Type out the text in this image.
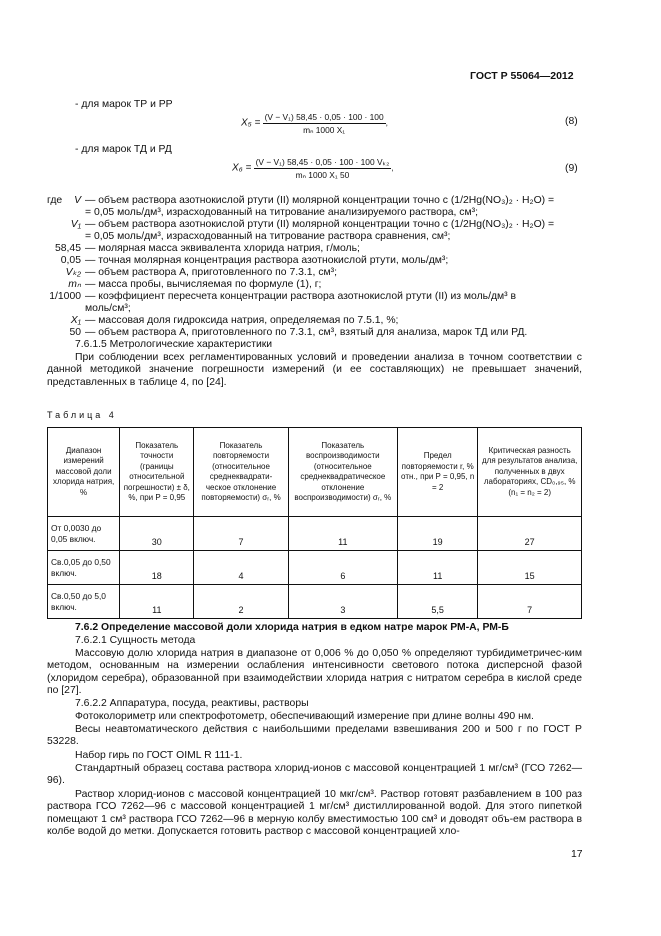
ГОСТ Р 55064—2012
- для марок ТР и РР
$X_5 = \frac{\text{(V − V₁) 58,45 · 0,05 · 100 · 100}}{\text{mₙ 1000 X₁}}$ ,	(8)
- для марок ТД и РД
$X_6 = \frac{\text{(V − V₁) 58,45 · 0,05 · 100 · 100 Vₖ₂}}{\text{mₙ 1000 X₁ 50}}$ ,	(9)
где	V — объем раствора азотнокислой ртути (II) молярной концентрации точно с (1/2Hg(NO₃)₂ · H₂O) =
= 0,05 моль/дм³, израсходованный на титрование анализируемого раствора, см³;
V₁ — объем раствора азотнокислой ртути (II) молярной концентрации точно с (1/2Hg(NO₃)₂ · H₂O) =
= 0,05 моль/дм³, израсходованный на титрование раствора сравнения, см³;
58,45 — молярная масса эквивалента хлорида натрия, г/моль;
0,05 — точная молярная концентрация раствора азотнокислой ртути, моль/дм³;
Vₖ₂ — объем раствора А, приготовленного по 7.3.1, см³;
mₙ — масса пробы, вычисляемая по формуле (1), г;
1/1000 — коэффициент пересчета концентрации раствора азотнокислой ртути (II) из моль/дм³ в
моль/см³;
X₁ — массовая доля гидроксида натрия, определяемая по 7.5.1, %;
50 — объем раствора А, приготовленного по 7.3.1, см³, взятый для анализа, марок ТД или РД.
7.6.1.5 Метрологические характеристики
При соблюдении всех регламентированных условий и проведении анализа в точном соответствии с данной методикой значение погрешности измерений (и ее составляющих) не превышает значений, представленных в таблице 4, по [24].
Таблица 4
Диапазон измерений массовой доли хлорида натрия, %	Показатель точности (границы относительной погрешности) ± δ, %, при P = 0,95	Показатель повторяемости (относительное среднеквадрати-ческое отклонение повторяемости) σᵣ, %	Показатель воспроизводимости (относительное среднеквадратическое отклонение воспроизводимости) σᵣ, %	Предел повторяемости r, % отн., при P = 0,95, n = 2	Критическая разность для результатов анализа, полученных в двух лабораториях, CD₀,₉₅, % (n₁ = n₂ = 2)
От 0,0030 до 0,05 включ.	30	7	11	19	27
Св.0,05 до 0,50 включ.	18	4	6	11	15
Св.0,50 до 5,0 включ.	11	2	3	5,5	7
7.6.2 Определение массовой доли хлорида натрия в едком натре марок РМ-А, РМ-Б
7.6.2.1 Сущность метода
Массовую долю хлорида натрия в диапазоне от 0,006 % до 0,050 % определяют турбидиметричес-ким методом, основанным на измерении ослабления интенсивности светового потока дисперсной фазой (хлоридом серебра), образованной при взаимодействии хлорида натрия с нитратом серебра в кислой среде по [27].
7.6.2.2 Аппаратура, посуда, реактивы, растворы
Фотоколориметр или спектрофотометр, обеспечивающий измерение при длине волны 490 нм.
Весы неавтоматического действия с наибольшими пределами взвешивания 200 и 500 г по ГОСТ Р 53228.
Набор гирь по ГОСТ OIML R 111-1.
Стандартный образец состава раствора хлорид-ионов с массовой концентрацией 1 мг/см³ (ГСО 7262—96).
Раствор хлорид-ионов с массовой концентрацией 10 мкг/см³. Раствор готовят разбавлением в 100 раз раствора ГСО 7262—96 с массовой концентрацией 1 мг/см³ дистиллированной водой. Для этого пипеткой помещают 1 см³ раствора ГСО 7262—96 в мерную колбу вместимостью 100 см³ и доводят объ-ем раствора в колбе водой до метки. Допускается готовить раствор с массовой концентрацией хло-
17
